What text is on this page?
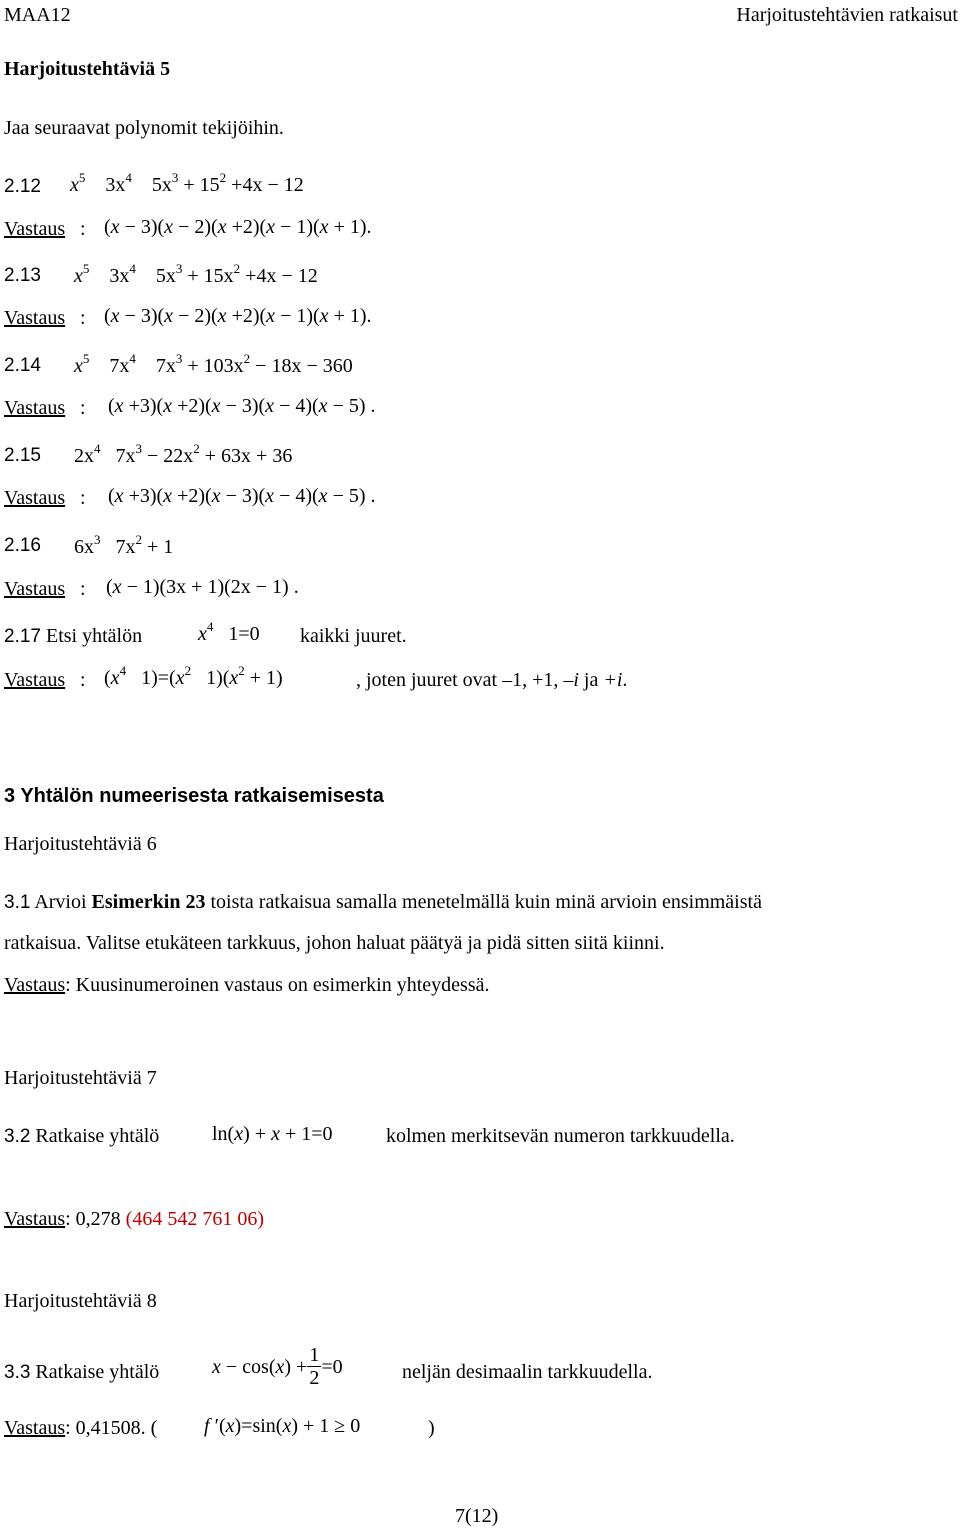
MAA12	Harjoitustehtävien ratkaisut
Harjoitustehtäviä 5
Jaa seuraavat polynomit tekijöihin.
2.12 $x^5$    $3x^4$    $5x^3 + 15^2 +4x - 12$
Vastaus : (x − 3)(x − 2)(x +2)(x − 1)(x + 1).
2.13 $x^5$    $3x^4$    $5x^3 + 15x^2 +4x - 12$
Vastaus : (x − 3)(x − 2)(x +2)(x − 1)(x + 1).
2.14 $x^5$    $7x^4$    $7x^3 + 103x^2 - 18x - 360$
Vastaus : (x +3)(x +2)(x − 3)(x − 4)(x − 5) .
2.15 $2x^4$   $7x^3 - 22x^2 + 63x + 36$
Vastaus : (x +3)(x +2)(x − 3)(x − 4)(x − 5) .
2.16 $6x^3$   $7x^2 + 1$
Vastaus : (x − 1)(3x + 1)(2x − 1) .
2.17 Etsi yhtälön	$x^4$   1=0 kaikki juuret.
Vastaus : ($x^4$   $1)=(x^2$   $1)(x^2 + 1)$	, joten juuret ovat –1, +1, –i ja +i.
3 Yhtälön numeerisesta ratkaisemisesta
Harjoitustehtäviä 6
3.1 Arvioi Esimerkin 23 toista ratkaisua samalla menetelmällä kuin minä arvioin ensimmäistä
ratkaisua. Valitse etukäteen tarkkuus, johon haluat päätyä ja pidä sitten siitä kiinni.
Vastaus: Kuusinumeroinen vastaus on esimerkin yhteydessä.
Harjoitustehtäviä 7
3.2 Ratkaise yhtälö	ln(x) + x + 1=0	kolmen merkitsevän numeron tarkkuudella.
Vastaus: 0,278 (464 542 761 06)
Harjoitustehtäviä 8
3.3 Ratkaise yhtälö	$x - \cos(x) + \frac{1}{2} =0$	neljän desimaalin tarkkuudella.
Vastaus: 0,41508. ( f ′(x)=sin(x) + 1 ≥ 0	)
7(12)
